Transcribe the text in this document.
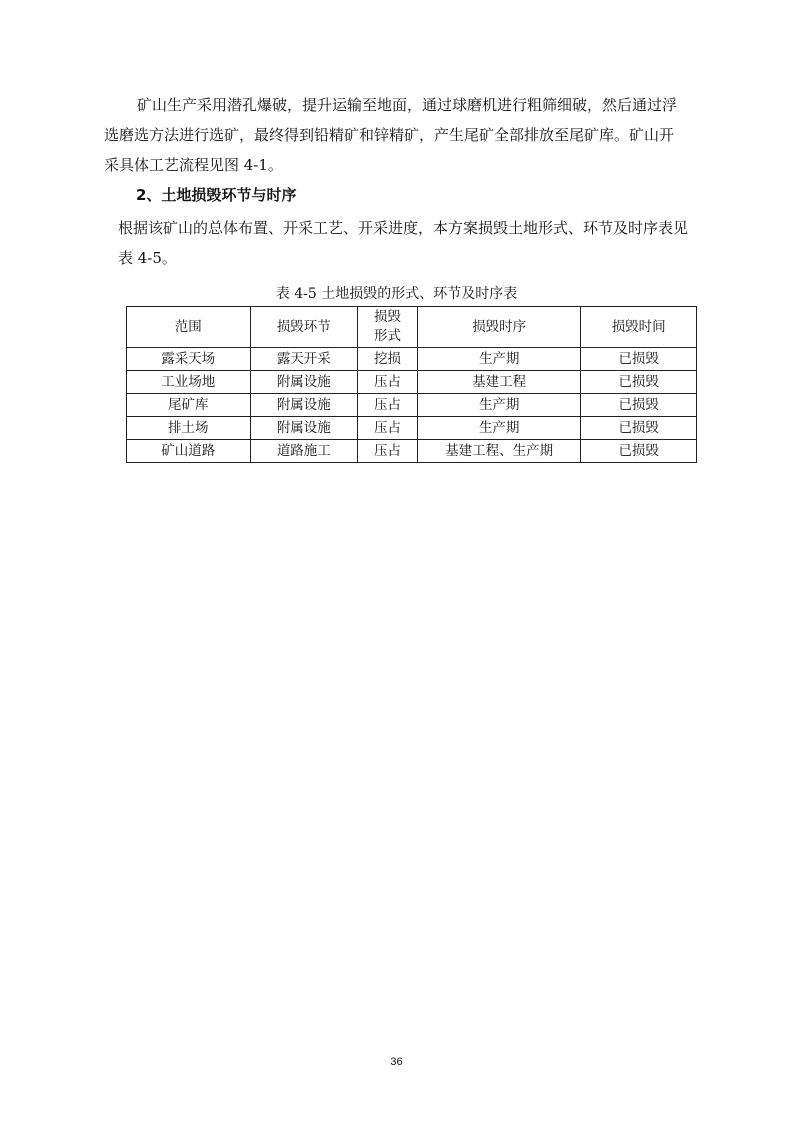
矿山生产采用潜孔爆破，提升运输至地面，通过球磨机进行粗筛细破，然后通过浮
选磨选方法进行选矿，最终得到铅精矿和锌精矿，产生尾矿全部排放至尾矿库。矿山开
采具体工艺流程见图 4-1。
2、土地损毁环节与时序
根据该矿山的总体布置、开采工艺、开采进度，本方案损毁土地形式、环节及时序表见
表 4-5。

表 4-5 土地损毁的形式、环节及时序表

范围	损毁环节	损毁形式	损毁时序	损毁时间
露采天场	露天开采	挖损	生产期	已损毁
工业场地	附属设施	压占	基建工程	已损毁
尾矿库	附属设施	压占	生产期	已损毁
排土场	附属设施	压占	生产期	已损毁
矿山道路	道路施工	压占	基建工程、生产期	已损毁
36
